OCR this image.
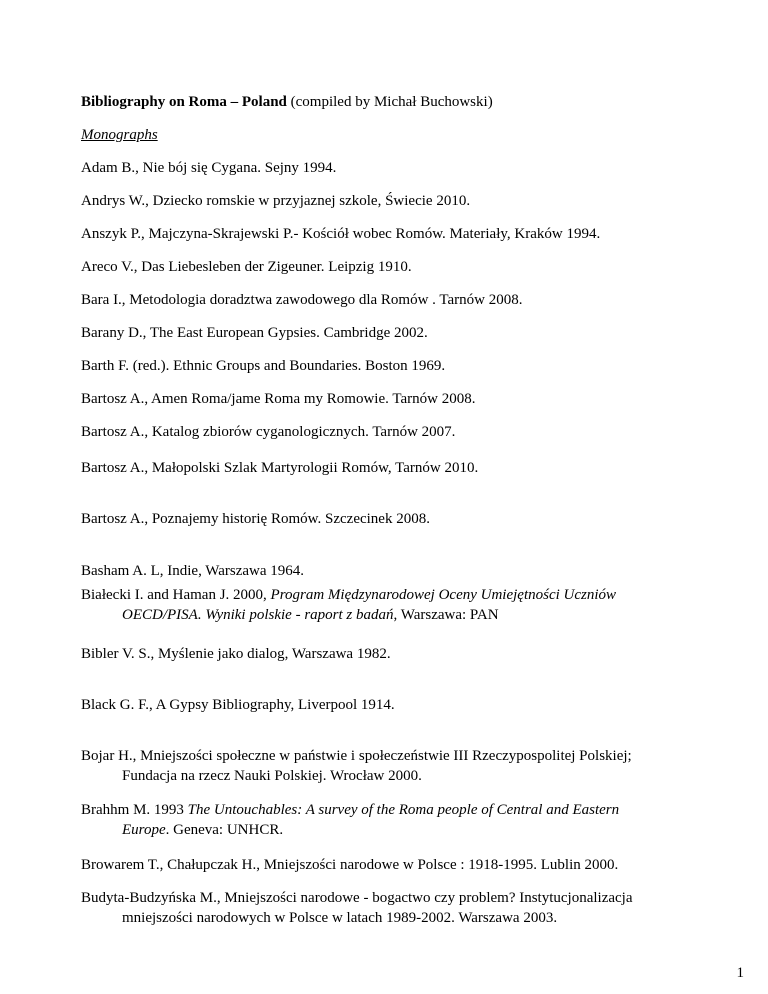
Bibliography on Roma – Poland (compiled by Michał Buchowski)
Monographs
Adam B., Nie bój się Cygana. Sejny 1994.
Andrys W., Dziecko romskie w przyjaznej szkole, Świecie 2010.
Anszyk P., Majczyna-Skrajewski P.- Kościół wobec Romów. Materiały, Kraków 1994.
Areco V., Das Liebesleben der Zigeuner. Leipzig 1910.
Bara I., Metodologia doradztwa zawodowego dla Romów . Tarnów 2008.
Barany D., The East European Gypsies. Cambridge 2002.
Barth F. (red.). Ethnic Groups and Boundaries. Boston 1969.
Bartosz A., Amen Roma/jame Roma my Romowie. Tarnów 2008.
Bartosz A., Katalog zbiorów cyganologicznych. Tarnów 2007.
Bartosz A., Małopolski Szlak Martyrologii Romów, Tarnów 2010.
Bartosz A., Poznajemy historię Romów. Szczecinek 2008.
Basham A. L, Indie, Warszawa 1964.
Białecki I. and Haman J. 2000, Program Międzynarodowej Oceny Umiejętności Uczniów
OECD/PISA. Wyniki polskie - raport z badań, Warszawa: PAN
Bibler V. S., Myślenie jako dialog, Warszawa 1982.
Black G. F., A Gypsy Bibliography, Liverpool 1914.
Bojar H., Mniejszości społeczne w państwie i społeczeństwie III Rzeczypospolitej Polskiej;
Fundacja na rzecz Nauki Polskiej. Wrocław 2000.
Brahhm M. 1993 The Untouchables: A survey of the Roma people of Central and Eastern
Europe. Geneva: UNHCR.
Browarem T., Chałupczak H., Mniejszości narodowe w Polsce : 1918-1995. Lublin 2000.
Budyta-Budzyńska M., Mniejszości narodowe - bogactwo czy problem? Instytucjonalizacja
mniejszości narodowych w Polsce w latach 1989-2002. Warszawa 2003.
1
